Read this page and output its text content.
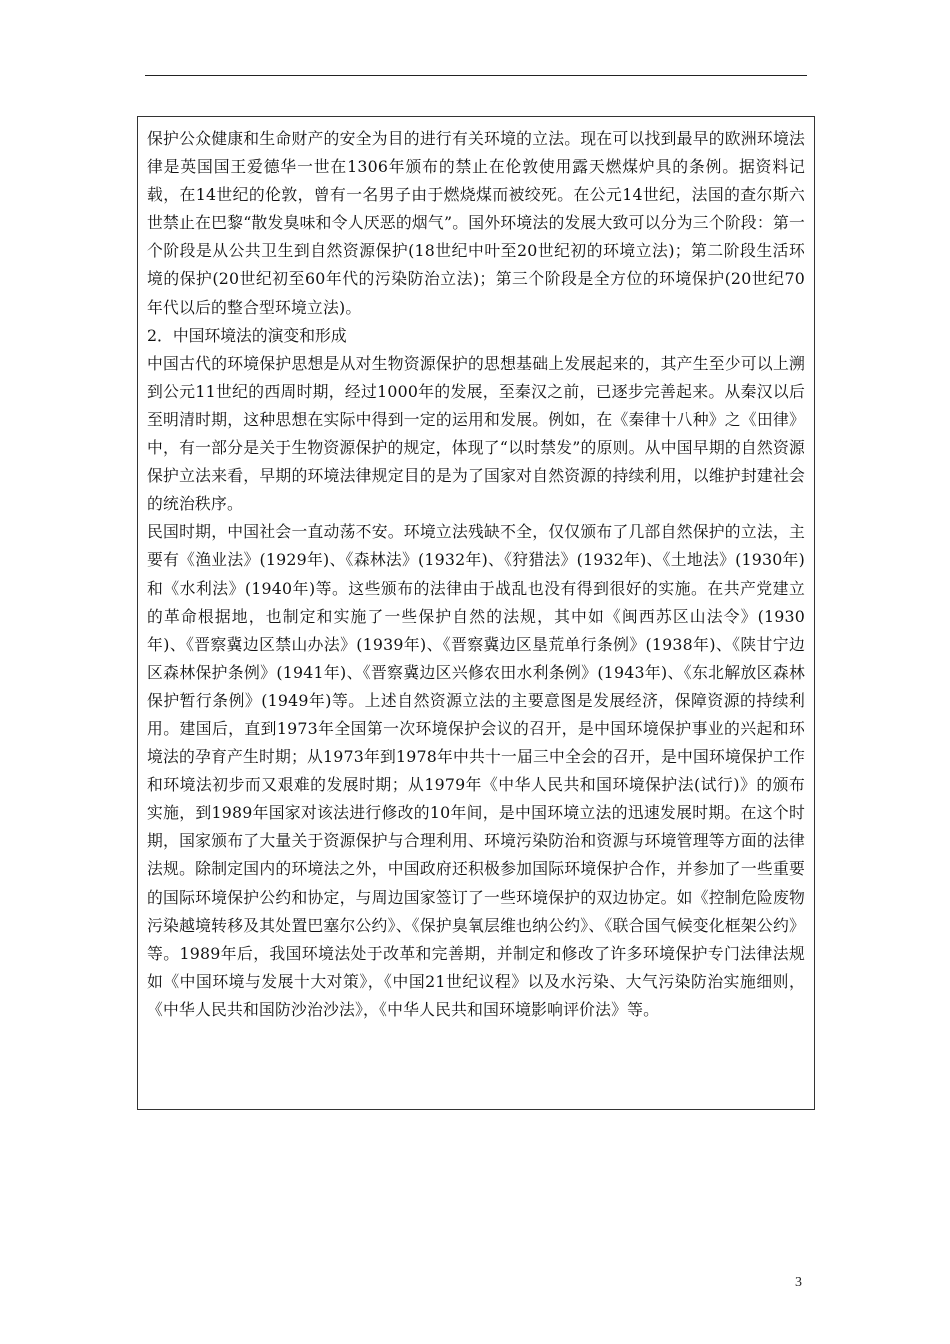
保护公众健康和生命财产的安全为目的进行有关环境的立法。现在可以找到最早的欧洲环境法律是英国国王爱德华一世在1306年颁布的禁止在伦敦使用露天燃煤炉具的条例。据资料记载，在14世纪的伦敦，曾有一名男子由于燃烧煤而被绞死。在公元14世纪，法国的查尔斯六世禁止在巴黎“散发臭味和令人厌恶的烟气”。国外环境法的发展大致可以分为三个阶段：第一个阶段是从公共卫生到自然资源保护(18世纪中叶至20世纪初的环境立法)；第二阶段生活环境的保护(20世纪初至60年代的污染防治立法)；第三个阶段是全方位的环境保护(20世纪70年代以后的整合型环境立法)。

2．中国环境法的演变和形成

中国古代的环境保护思想是从对生物资源保护的思想基础上发展起来的，其产生至少可以上溯到公元11世纪的西周时期，经过1000年的发展，至秦汉之前，已逐步完善起来。从秦汉以后至明清时期，这种思想在实际中得到一定的运用和发展。例如，在《秦律十八种》之《田律》中，有一部分是关于生物资源保护的规定，体现了“以时禁发”的原则。从中国早期的自然资源保护立法来看，早期的环境法律规定目的是为了国家对自然资源的持续利用，以维护封建社会的统治秩序。

民国时期，中国社会一直动荡不安。环境立法残缺不全，仅仅颁布了几部自然保护的立法，主要有《渔业法》(1929年)、《森林法》(1932年)、《狩猎法》(1932年)、《土地法》(1930年)和《水利法》(1940年)等。这些颁布的法律由于战乱也没有得到很好的实施。在共产党建立的革命根据地，也制定和实施了一些保护自然的法规，其中如《闽西苏区山法令》(1930年)、《晋察冀边区禁山办法》(1939年)、《晋察冀边区垦荒单行条例》(1938年)、《陕甘宁边区森林保护条例》(1941年)、《晋察冀边区兴修农田水利条例》(1943年)、《东北解放区森林保护暂行条例》(1949年)等。上述自然资源立法的主要意图是发展经济，保障资源的持续利用。建国后，直到1973年全国第一次环境保护会议的召开，是中国环境保护事业的兴起和环境法的孕育产生时期；从1973年到1978年中共十一届三中全会的召开，是中国环境保护工作和环境法初步而又艰难的发展时期；从1979年《中华人民共和国环境保护法(试行)》的颁布实施，到1989年国家对该法进行修改的10年间，是中国环境立法的迅速发展时期。在这个时期，国家颁布了大量关于资源保护与合理利用、环境污染防治和资源与环境管理等方面的法律法规。除制定国内的环境法之外，中国政府还积极参加国际环境保护合作，并参加了一些重要的国际环境保护公约和协定，与周边国家签订了一些环境保护的双边协定。如《控制危险废物污染越境转移及其处置巴塞尔公约》、《保护臭氧层维也纳公约》、《联合国气候变化框架公约》等。1989年后，我国环境法处于改革和完善期，并制定和修改了许多环境保护专门法律法规如《中国环境与发展十大对策》，《中国21世纪议程》以及水污染、大气污染防治实施细则，《中华人民共和国防沙治沙法》，《中华人民共和国环境影响评价法》等。

3
